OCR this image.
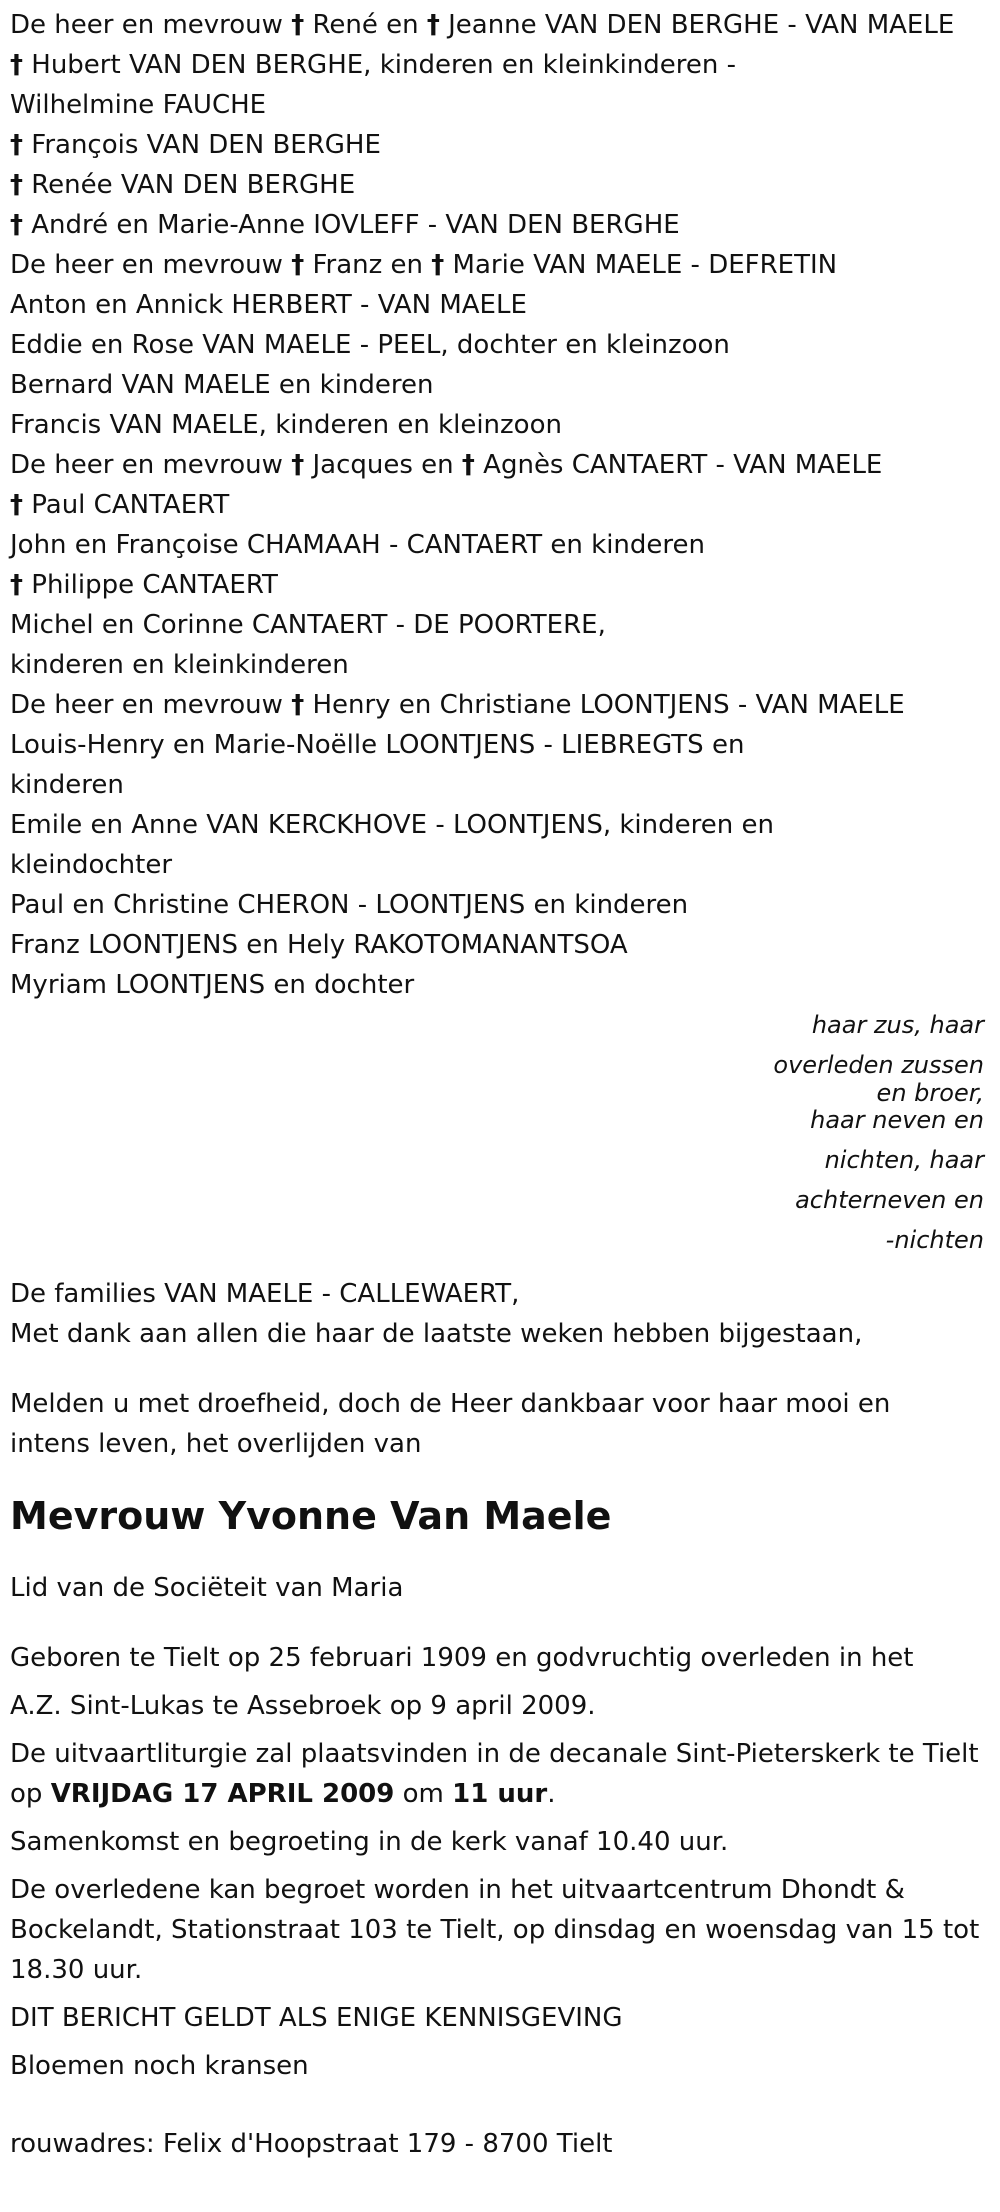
De heer en mevrouw † René en † Jeanne VAN DEN BERGHE - VAN MAELE
† Hubert VAN DEN BERGHE, kinderen en kleinkinderen -
Wilhelmine FAUCHE
† François VAN DEN BERGHE
† Renée VAN DEN BERGHE
† André en Marie-Anne IOVLEFF - VAN DEN BERGHE
De heer en mevrouw † Franz en † Marie VAN MAELE - DEFRETIN
Anton en Annick HERBERT - VAN MAELE
Eddie en Rose VAN MAELE - PEEL, dochter en kleinzoon
Bernard VAN MAELE en kinderen
Francis VAN MAELE, kinderen en kleinzoon
De heer en mevrouw † Jacques en † Agnès CANTAERT - VAN MAELE
† Paul CANTAERT
John en Françoise CHAMAAH - CANTAERT en kinderen
† Philippe CANTAERT
Michel en Corinne CANTAERT - DE POORTERE,
kinderen en kleinkinderen
De heer en mevrouw † Henry en Christiane LOONTJENS - VAN MAELE
Louis-Henry en Marie-Noëlle LOONTJENS - LIEBREGTS en
kinderen
Emile en Anne VAN KERCKHOVE - LOONTJENS, kinderen en
kleindochter
Paul en Christine CHERON - LOONTJENS en kinderen
Franz LOONTJENS en Hely RAKOTOMANANTSOA
Myriam LOONTJENS en dochter

haar zus, haar

overleden zussen

en broer,

haar neven en

nichten, haar

achterneven en

-nichten

De families VAN MAELE - CALLEWAERT,
Met dank aan allen die haar de laatste weken hebben bijgestaan,
Melden u met droefheid, doch de Heer dankbaar voor haar mooi en
intens leven, het overlijden van
Mevrouw Yvonne Van Maele
Lid van de Sociëteit van Maria
Geboren te Tielt op 25 februari 1909 en godvruchtig overleden in het
A.Z. Sint-Lukas te Assebroek op 9 april 2009.

De uitvaartliturgie zal plaatsvinden in de decanale Sint-Pieterskerk te Tielt op VRIJDAG 17 APRIL 2009 om 11 uur.

Samenkomst en begroeting in de kerk vanaf 10.40 uur.

De overledene kan begroet worden in het uitvaartcentrum Dhondt & Bockelandt, Stationstraat 103 te Tielt, op dinsdag en woensdag van 15 tot 18.30 uur.

DIT BERICHT GELDT ALS ENIGE KENNISGEVING

Bloemen noch kransen

rouwadres: Felix d'Hoopstraat 179 - 8700 Tielt
